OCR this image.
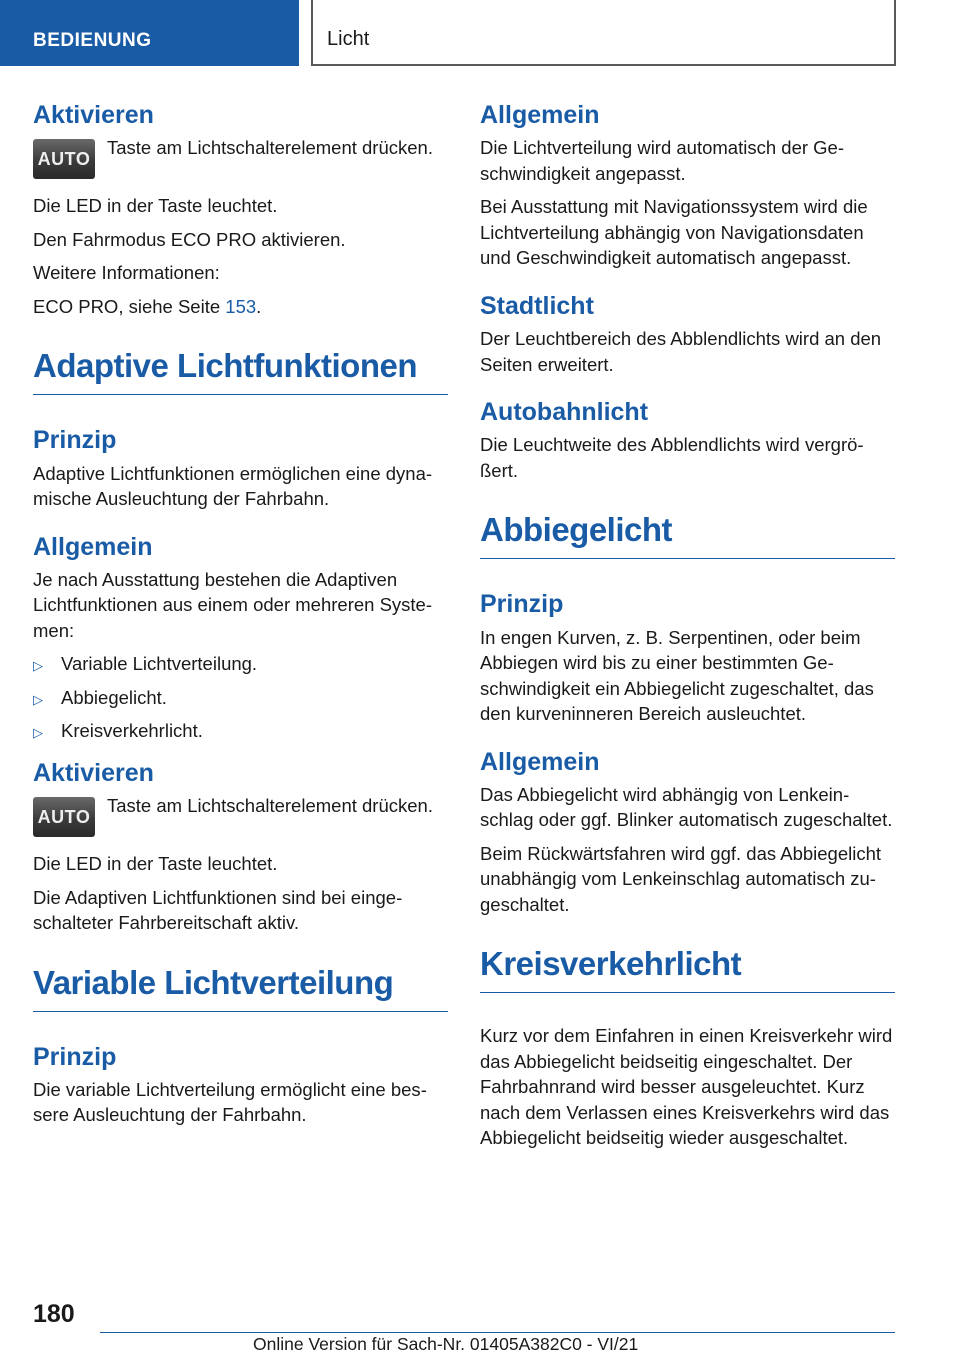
BEDIENUNG	Licht
Aktivieren
AUTO

Taste am Lichtschalterelement drücken.

Die LED in der Taste leuchtet.

Den Fahrmodus ECO PRO aktivieren.

Weitere Informationen:

ECO PRO, siehe Seite 153.

Adaptive Lichtfunktionen
Prinzip

Adaptive Lichtfunktionen ermöglichen eine dynamische Ausleuchtung der Fahrbahn.

Allgemein

Je nach Ausstattung bestehen die Adaptiven Lichtfunktionen aus einem oder mehreren Systemen:

▷ Variable Lichtverteilung.
▷ Abbiegelicht.
▷ Kreisverkehrlicht.
Aktivieren
AUTO

Taste am Lichtschalterelement drücken.

Die LED in der Taste leuchtet.

Die Adaptiven Lichtfunktionen sind bei eingeschalteter Fahrbereitschaft aktiv.

Variable Lichtverteilung
Prinzip

Die variable Lichtverteilung ermöglicht eine bessere Ausleuchtung der Fahrbahn.

Allgemein

Die Lichtverteilung wird automatisch der Geschwindigkeit angepasst.

Bei Ausstattung mit Navigationssystem wird die Lichtverteilung abhängig von Navigationsdaten und Geschwindigkeit automatisch angepasst.

Stadtlicht

Der Leuchtbereich des Abblendlichts wird an den Seiten erweitert.

Autobahnlicht

Die Leuchtweite des Abblendlichts wird vergrößert.

Abbiegelicht
Prinzip

In engen Kurven, z. B. Serpentinen, oder beim Abbiegen wird bis zu einer bestimmten Geschwindigkeit ein Abbiegelicht zugeschaltet, das den kurveninneren Bereich ausleuchtet.

Allgemein

Das Abbiegelicht wird abhängig von Lenkeinschlag oder ggf. Blinker automatisch zugeschaltet.

Beim Rückwärtsfahren wird ggf. das Abbiegelicht unabhängig vom Lenkeinschlag automatisch zugeschaltet.

Kreisverkehrlicht

Kurz vor dem Einfahren in einen Kreisverkehr wird das Abbiegelicht beidseitig eingeschaltet. Der Fahrbahnrand wird besser ausgeleuchtet. Kurz nach dem Verlassen eines Kreisverkehrs wird das Abbiegelicht beidseitig wieder ausgeschaltet.

180
Online Version für Sach-Nr. 01405A382C0 - VI/21
